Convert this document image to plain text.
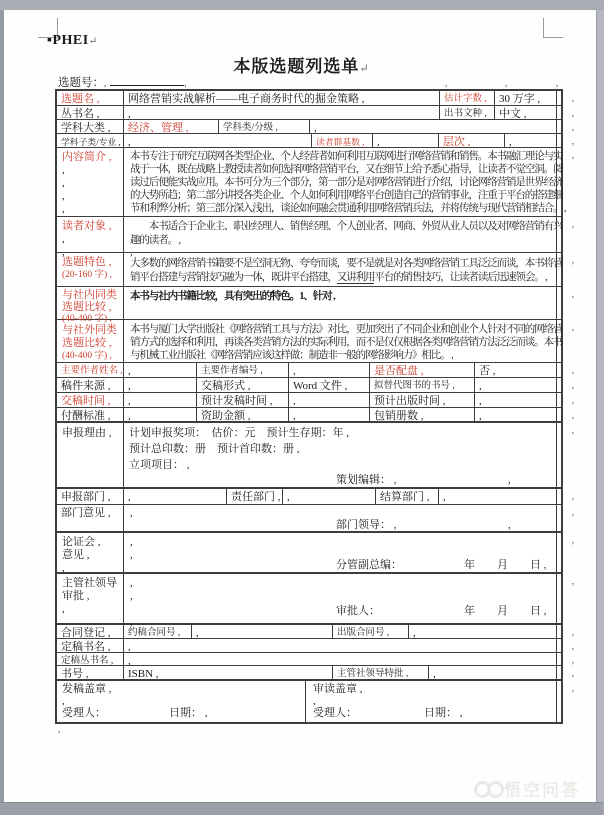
▪PHEI↵
本版选题列选单↵
选题号：,	,	,	,	,
选题名 ,	网络营销实战解析——电子商务时代的掘金策略 ,	估计字数 ,	30 万字 ,	,
丛书名 ,	,	出书文种 ,	中文 ,	,
学科大类 ,	经济、管理 ,	学科类/分级 ,	,	,
学科子类/专业 , ,	读者群基数 ,	,	层次 ,	,	,
内容简介 ,
,
,
,
,
本书专注于研究互联网各类型企业、个人经营者如何利用互联网进行网络营销和销售。本书融汇理论与实
战于一体，既在战略上教授读者如何选择网络营销平台，又在细节上给予悉心指导，让读者不觉空洞。阅
读过后便能实战应用。本书可分为三个部分，第一部分是对网络营销进行介绍，讨论网络营销是世界经济
的大势所趋；第二部分讲授各类企业、个人如何利用网络平台创造自己的营销事业，注重于平台的搭建细
节和利弊分析；第三部分深入浅出，谈论如何融会贯通利用网络营销兵法，并将传统与现代营销相结合。 ,
,
读者对象 ,
,
,
　　本书适合于企业主、职业经理人、销售经理、个人创业者、网商、外贸从业人员以及对网络营销有兴
趣的读者。 ,
,
,
选题特色 ,
(20-160 字) ,
大多数的网络营销书籍要不是空洞无物、夸夸而谈，要不是就是对各类网络营销工具泛泛而谈，本书将营
销平台搭建与营销技巧融为一体，既讲平台搭建，又讲利用平台的销售技巧，让读者读后迅速领会。 ,
,
与社内同类
选题比较 ,
(40-400 字) ,
本书与社内书籍比较，具有突出的特色。1、针对 ,	,
与社外同类
选题比较 ,
(40-400 字) ,
本书与厦门大学出版社《网络营销工具与方法》对比，更加突出了不同企业和创业个人针对不同的网络营
销方式的选择和利用，再谈各类营销方法的实际利用，而不是仅仅根据各类网络营销方法泛泛而谈。本书
与机械工业出版社《网络营销应该这样做：制造非一般的网络影响力》相比。 ,
,
主要作者姓名 , ,	主要作者编号 ,	,	是否配盘 ,	否 ,	,
稿件来源 ,	,	交稿形式 ,	Word 文件 ,	拟替代图书的书号 ,	,	,
交稿时间 ,	,	预计发稿时间 ,	,	预计出版时间 ,	,	,
付酬标准 ,	,	资助金额 ,	,	包销册数 ,	,	,
申报理由 , 计划申报奖项：　估价：元　预计生存期：年 ,
预计总印数：册　预计首印数：册 ,
立项项目： ,
策划编辑： ,	,
,
申报部门 ,	,	责任部门 , ,	结算部门 ,	,	,
部门意见 ,	,
部门领导： ,	,
,
论证会 ,
意见 ,
,
,
,
分管副总编：	年　　月　　日 ,
,
主管社领导
审批 ,
,
,
,
审批人：	年　　月　　日 ,
,
,
合同登记 ,	约稿合同号 ,	,	出版合同号 ,	,	,
定稿书名 ,	,	,
定稿丛书名 ,	,	,
书号 ,	ISBN ,	主管社领导特批 ,	,	,
发稿盖章 ,
,
受理人：	日期： ,
审读盖章 ,
,
受理人：	日期： ,
,
,
悟空问答
